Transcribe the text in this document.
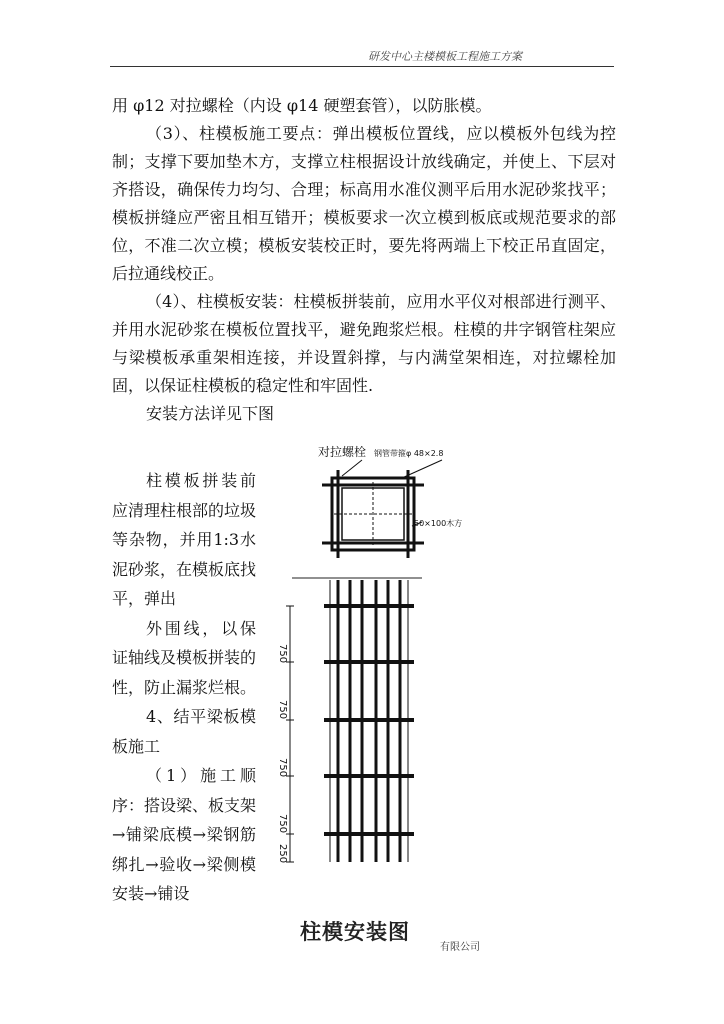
研发中心主楼模板工程施工方案

用 φ12 对拉螺栓（内设 φ14 硬塑套管），以防胀模。

（3）、柱模板施工要点：弹出模板位置线，应以模板外包线为控制；支撑下要加垫木方，支撑立柱根据设计放线确定，并使上、下层对齐搭设，确保传力均匀、合理；标高用水准仪测平后用水泥砂浆找平；模板拼缝应严密且相互错开；模板要求一次立模到板底或规范要求的部位，不准二次立模；模板安装校正时，要先将两端上下校正吊直固定，后拉通线校正。

（4）、柱模板安装：柱模板拼装前，应用水平仪对根部进行测平、并用水泥砂浆在模板位置找平，避免跑浆烂根。柱模的井字钢管柱架应与梁模板承重架相连接，并设置斜撑，与内满堂架相连，对拉螺栓加固，以保证柱模板的稳定性和牢固性.

安装方法详见下图

柱模板拼装前应清理柱根部的垃圾等杂物，并用1:3水泥砂浆，在模板底找平，弹出

外围线，以保证轴线及模板拼装的性，防止漏浆烂根。

4、结平梁板模板施工

（1）施工顺序：搭设梁、板支架→铺梁底模→梁钢筋绑扎→验收→梁侧模安装→铺设

对拉螺栓 钢管带箍φ 48×2.8
50×100木方
750
750
750
750
250
柱模安装图
有限公司
